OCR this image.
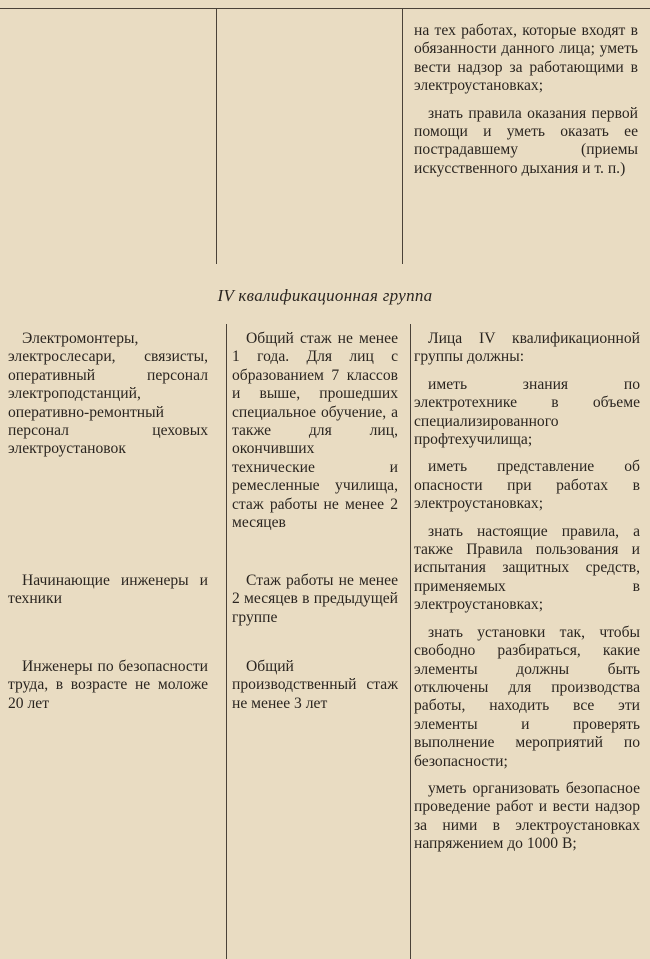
на тех работах, которые входят в обязанности данного лица; уметь вести надзор за работающими в электроустановках;

знать правила оказания первой помощи и уметь оказать ее пострадавшему (приемы искусственного дыхания и т. п.)

IV квалификационная группа

Электромонтеры, электрослесари, связисты, оперативный персонал электроподстанций, оперативно-ремонтный персонал цеховых электроустановок

Начинающие инженеры и техники

Инженеры по безопасности труда, в возрасте не моложе 20 лет

Общий стаж не менее 1 года. Для лиц с образованием 7 классов и выше, прошедших специальное обучение, а также для лиц, окончивших технические и ремесленные училища, стаж работы не менее 2 месяцев

Стаж работы не менее 2 месяцев в предыдущей группе

Общий производственный стаж не менее 3 лет

Лица IV квалификационной группы должны:

иметь знания по электротехнике в объеме специализированного профтехучилища;

иметь представление об опасности при работах в электроустановках;

знать настоящие правила, а также Правила пользования и испытания защитных средств, применяемых в электроустановках;

знать установки так, чтобы свободно разбираться, какие элементы должны быть отключены для производства работы, находить все эти элементы и проверять выполнение мероприятий по безопасности;

уметь организовать безопасное проведение работ и вести надзор за ними в электроустановках напряжением до 1000 В;
